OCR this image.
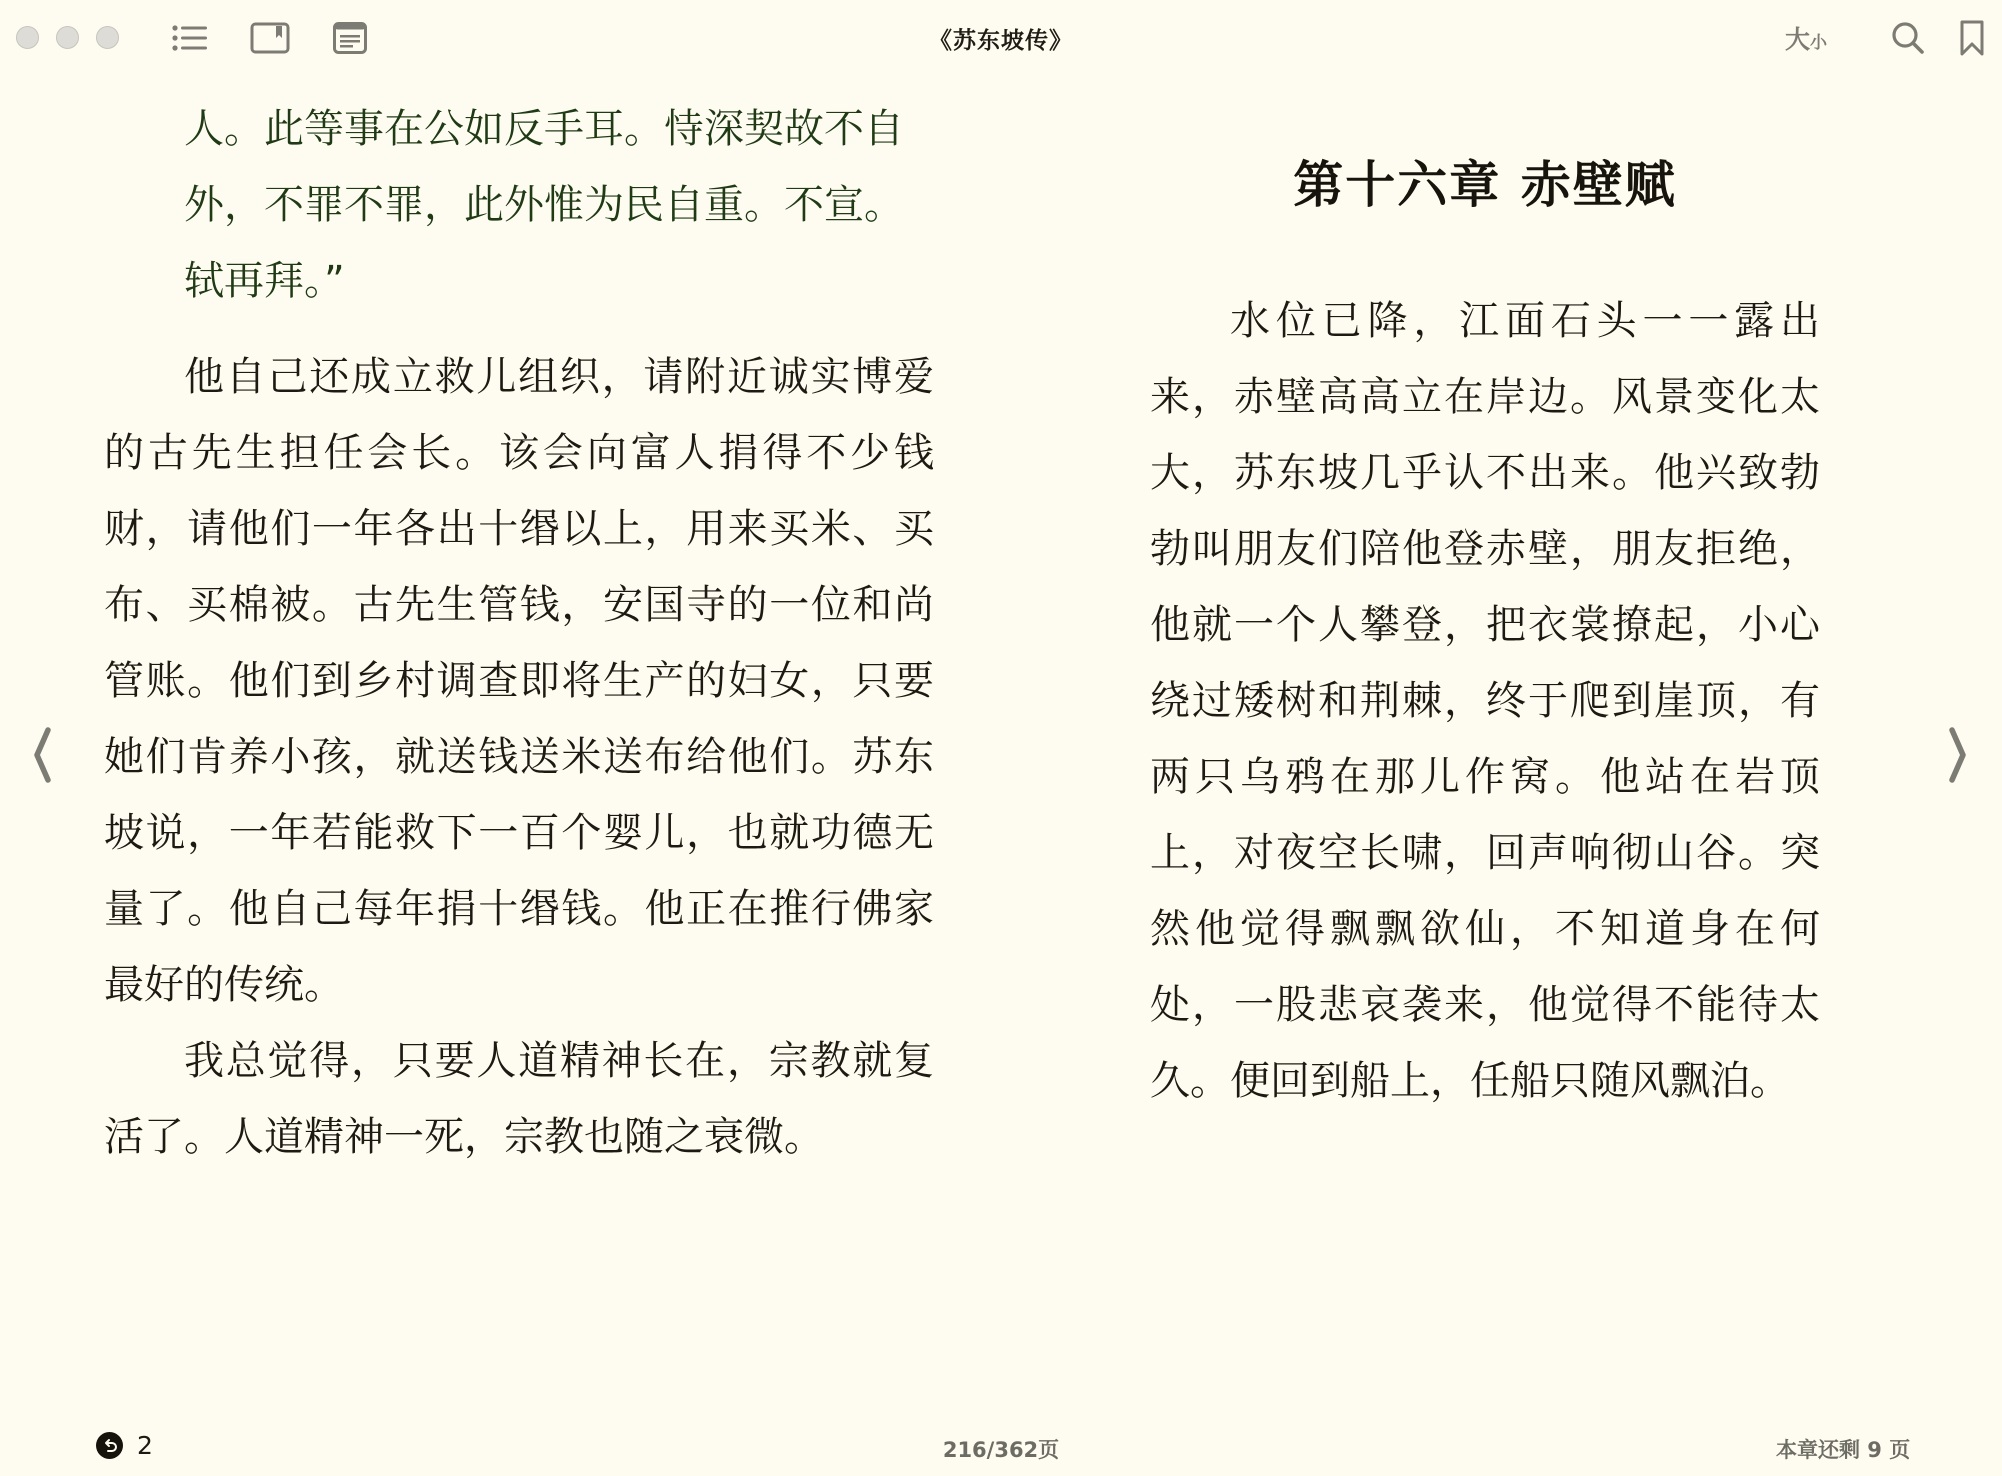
《苏东坡传》	大小

人。此等事在公如反手耳。恃深契故不自

外，不罪不罪，此外惟为民自重。不宣。

轼再拜。”

他自己还成立救儿组织，请附近诚实博爱的古先生担任会长。该会向富人捐得不少钱财，请他们一年各出十缗以上，用来买米、买布、买棉被。古先生管钱，安国寺的一位和尚管账。他们到乡村调查即将生产的妇女，只要她们肯养小孩，就送钱送米送布给他们。苏东坡说，一年若能救下一百个婴儿，也就功德无量了。他自己每年捐十缗钱。他正在推行佛家最好的传统。

我总觉得，只要人道精神长在，宗教就复活了。人道精神一死，宗教也随之衰微。

第十六章 赤壁赋

水位已降，江面石头一一露出来，赤壁高高立在岸边。风景变化太大，苏东坡几乎认不出来。他兴致勃勃叫朋友们陪他登赤壁，朋友拒绝，他就一个人攀登，把衣裳撩起，小心绕过矮树和荆棘，终于爬到崖顶，有两只乌鸦在那儿作窝。他站在岩顶上，对夜空长啸，回声响彻山谷。突然他觉得飘飘欲仙，不知道身在何处，一股悲哀袭来，他觉得不能待太久。便回到船上，任船只随风飘泊。

2	216/362页	本章还剩 9 页
